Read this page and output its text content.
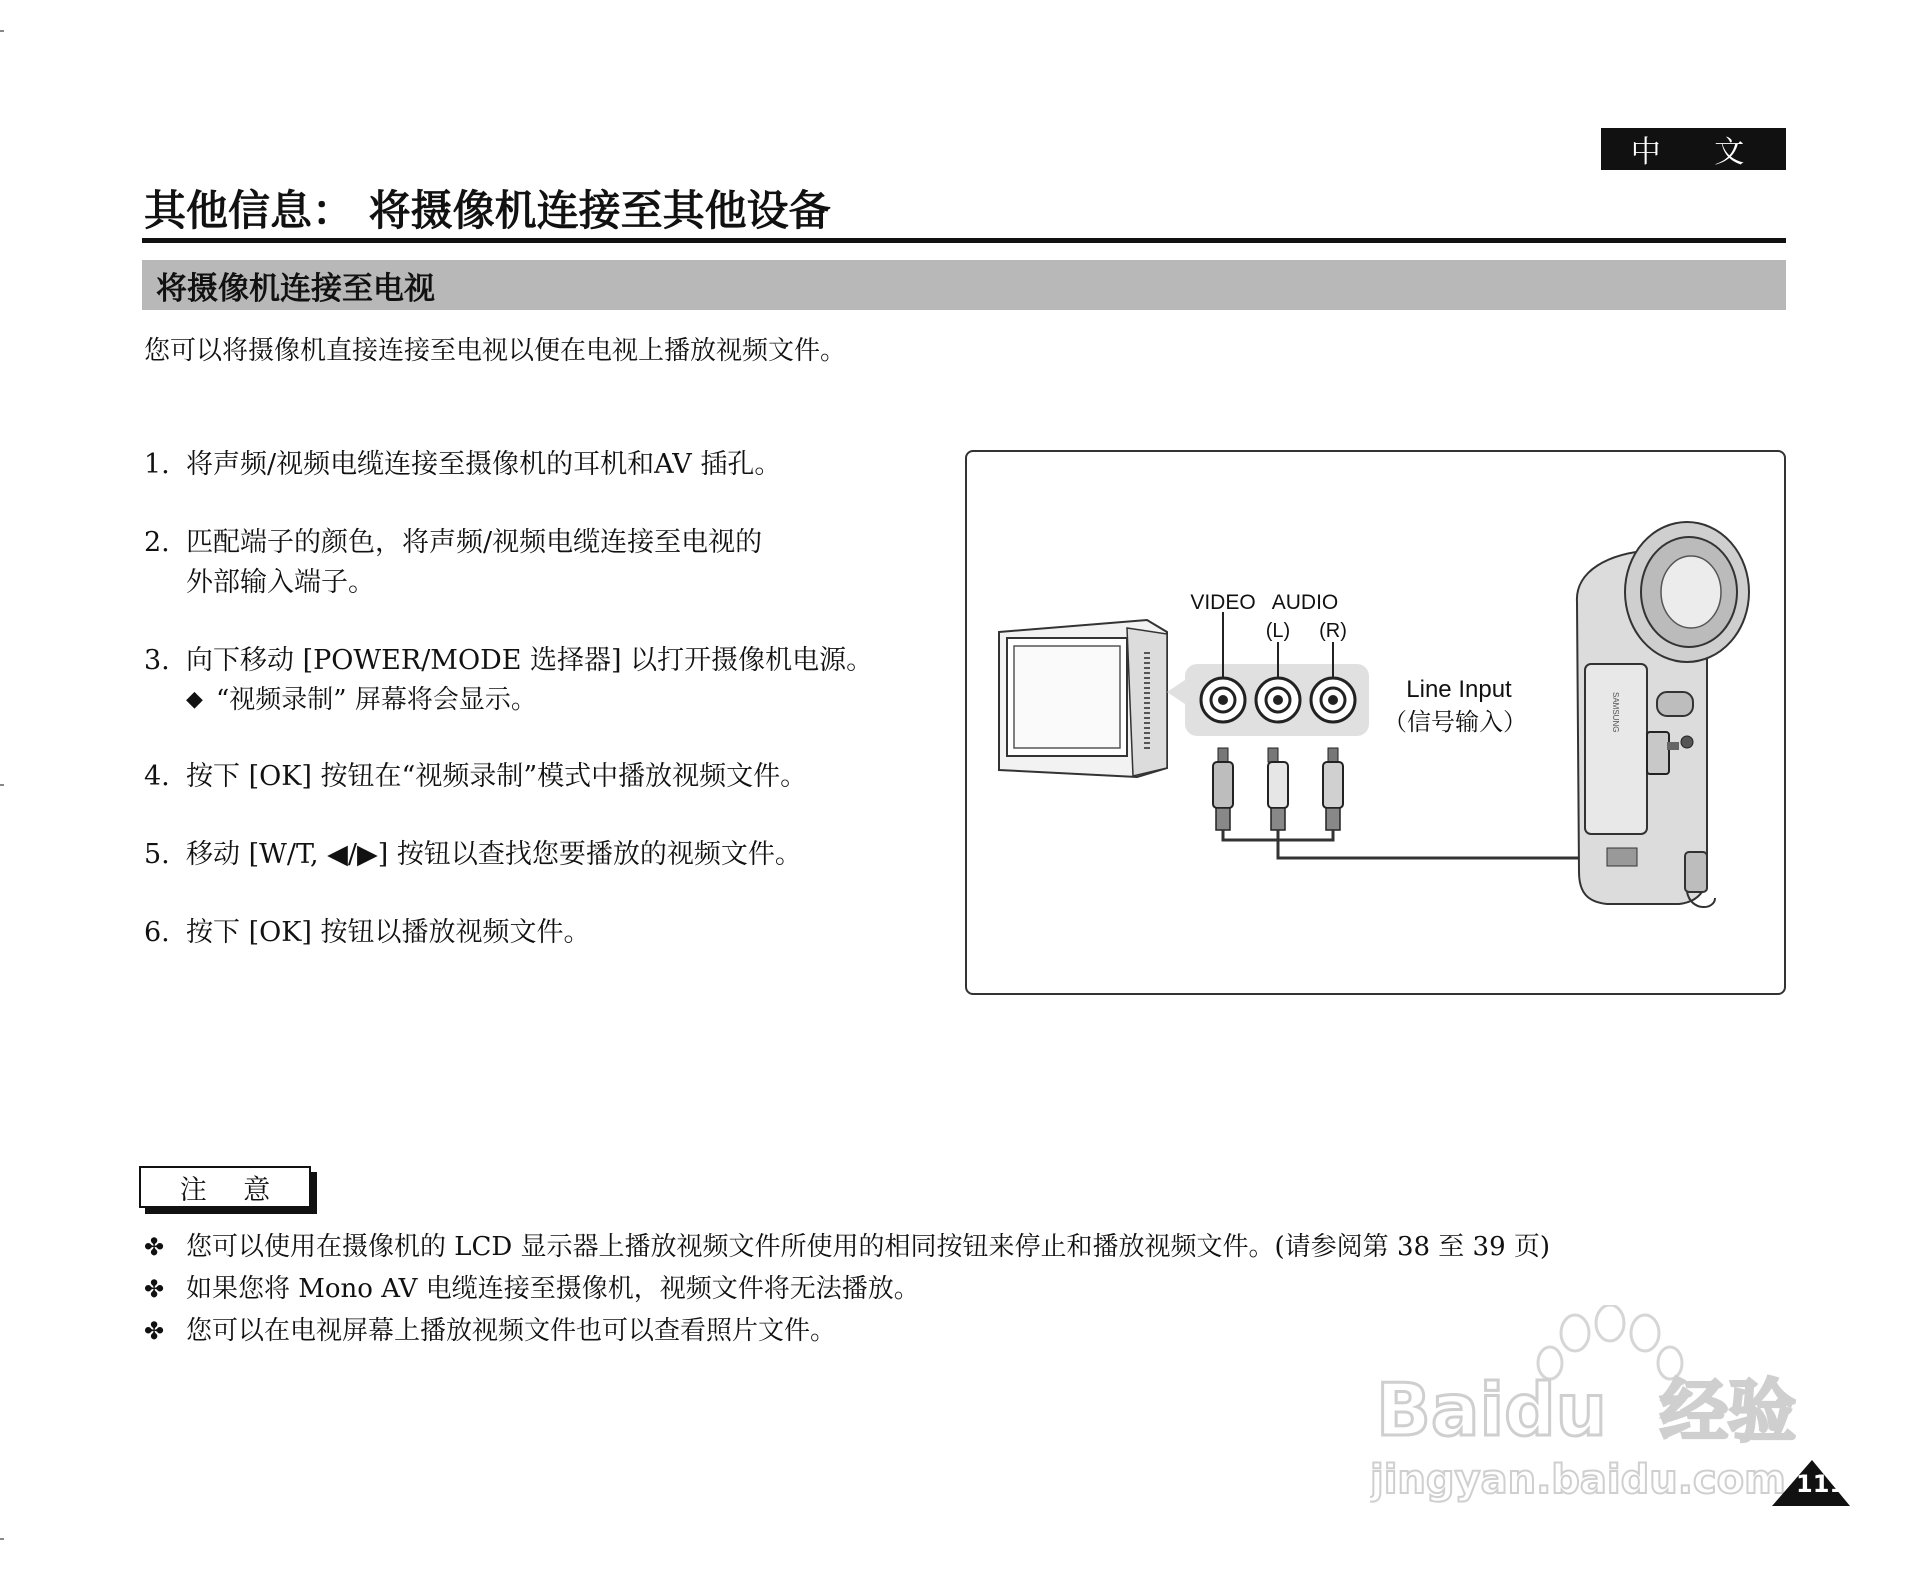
中 文
其他信息： 将摄像机连接至其他设备
将摄像机连接至电视
您可以将摄像机直接连接至电视以便在电视上播放视频文件。
1. 将声频/视频电缆连接至摄像机的耳机和AV 插孔。
2. 匹配端子的颜色，将声频/视频电缆连接至电视的
外部输入端子。
3. 向下移动 [POWER/MODE 选择器] 以打开摄像机电源。
◆ “视频录制” 屏幕将会显示。
4. 按下 [OK] 按钮在“视频录制”模式中播放视频文件。
5. 移动 [W/T, ◀/▶] 按钮以查找您要播放的视频文件。
6. 按下 [OK] 按钮以播放视频文件。
VIDEO AUDIO
(L) (R)
Line Input
（信号输入）	SAMSUNG
注 意
✤ 您可以使用在摄像机的 LCD 显示器上播放视频文件所使用的相同按钮来停止和播放视频文件。(请参阅第 38 至 39 页)
✤ 如果您将 Mono AV 电缆连接至摄像机，视频文件将无法播放。
✤ 您可以在电视屏幕上播放视频文件也可以查看照片文件。
Baidu 经验
jingyan.baidu.com 111
